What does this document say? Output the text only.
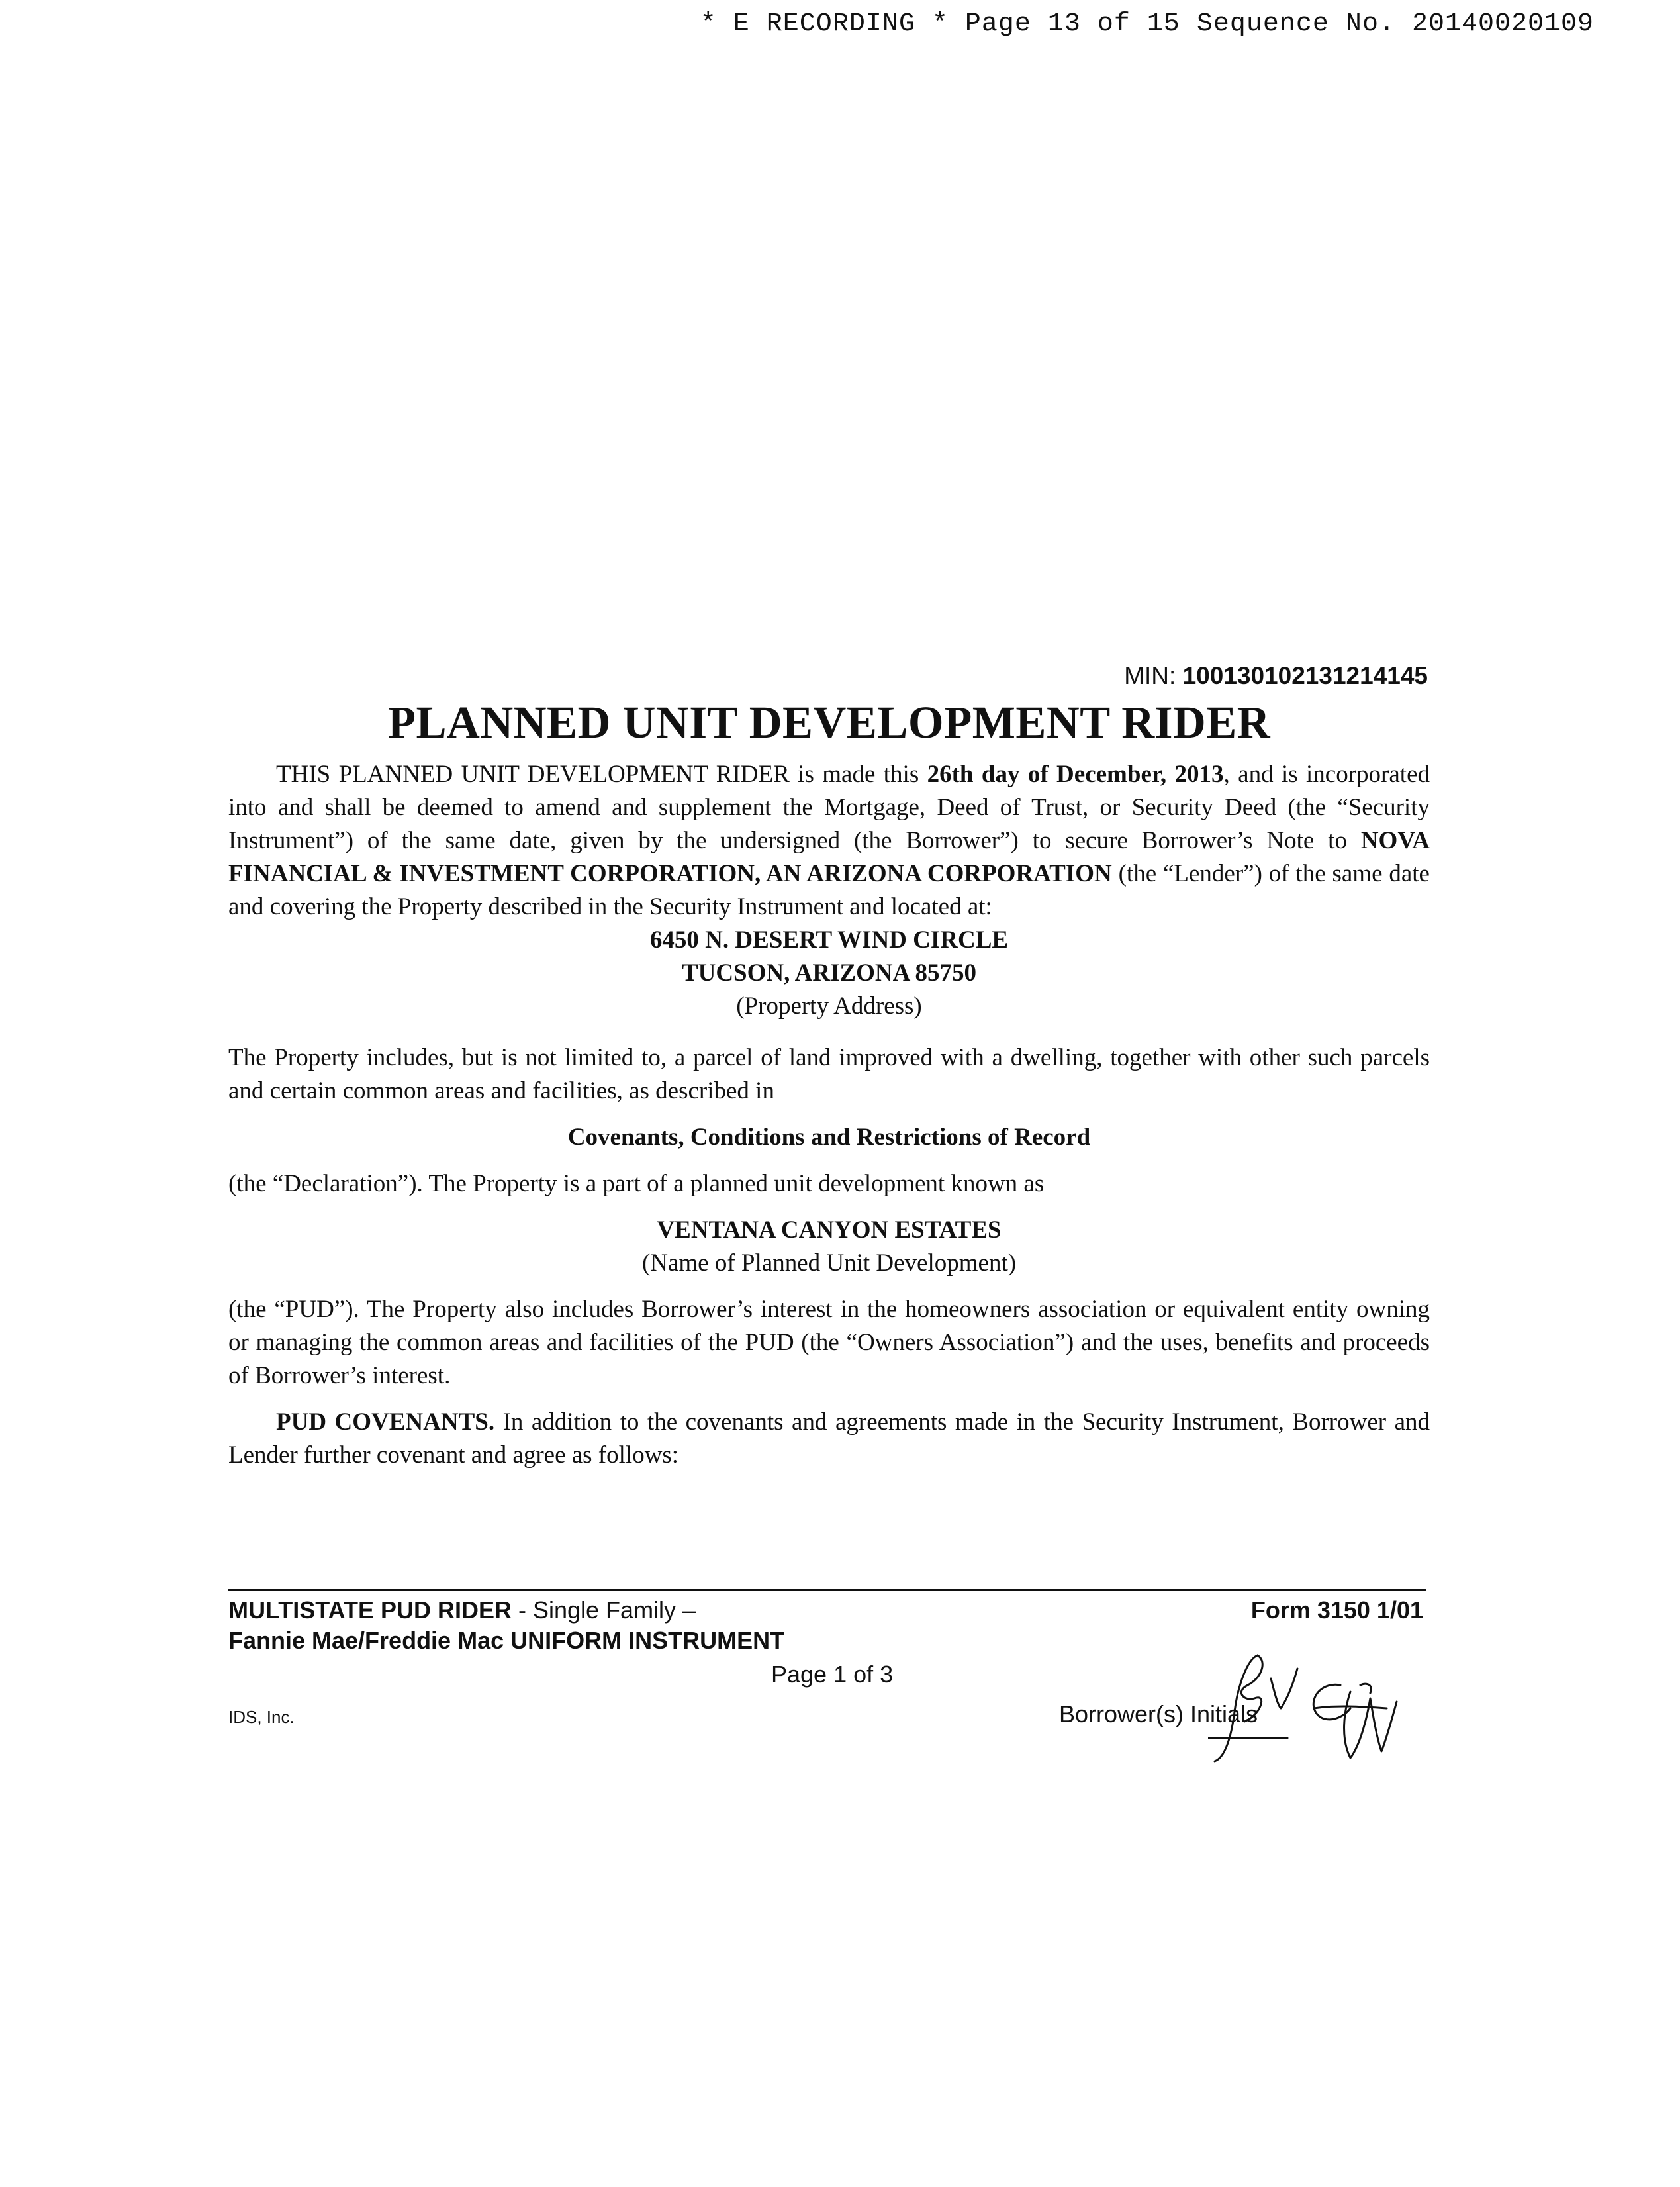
* E RECORDING * Page 13 of 15 Sequence No. 20140020109
MIN: 100130102131214145
PLANNED UNIT DEVELOPMENT RIDER

THIS PLANNED UNIT DEVELOPMENT RIDER is made this 26th day of December, 2013, and is incorporated into and shall be deemed to amend and supplement the Mortgage, Deed of Trust, or Security Deed (the “Security Instrument”) of the same date, given by the undersigned (the Borrower”) to secure Borrower’s Note to NOVA FINANCIAL & INVESTMENT CORPORATION, AN ARIZONA CORPORATION (the “Lender”) of the same date and covering the Property described in the Security Instrument and located at:

6450 N. DESERT WIND CIRCLE
TUCSON, ARIZONA 85750
(Property Address)

The Property includes, but is not limited to, a parcel of land improved with a dwelling, together with other such parcels and certain common areas and facilities, as described in

Covenants, Conditions and Restrictions of Record

(the “Declaration”). The Property is a part of a planned unit development known as

VENTANA CANYON ESTATES
(Name of Planned Unit Development)

(the “PUD”). The Property also includes Borrower’s interest in the homeowners association or equivalent entity owning or managing the common areas and facilities of the PUD (the “Owners Association”) and the uses, benefits and proceeds of Borrower’s interest.

PUD COVENANTS. In addition to the covenants and agreements made in the Security Instrument, Borrower and Lender further covenant and agree as follows:

MULTISTATE PUD RIDER - Single Family –	Form 3150 1/01
Fannie Mae/Freddie Mac UNIFORM INSTRUMENT
Page 1 of 3
IDS, Inc.	Borrower(s) Initials
